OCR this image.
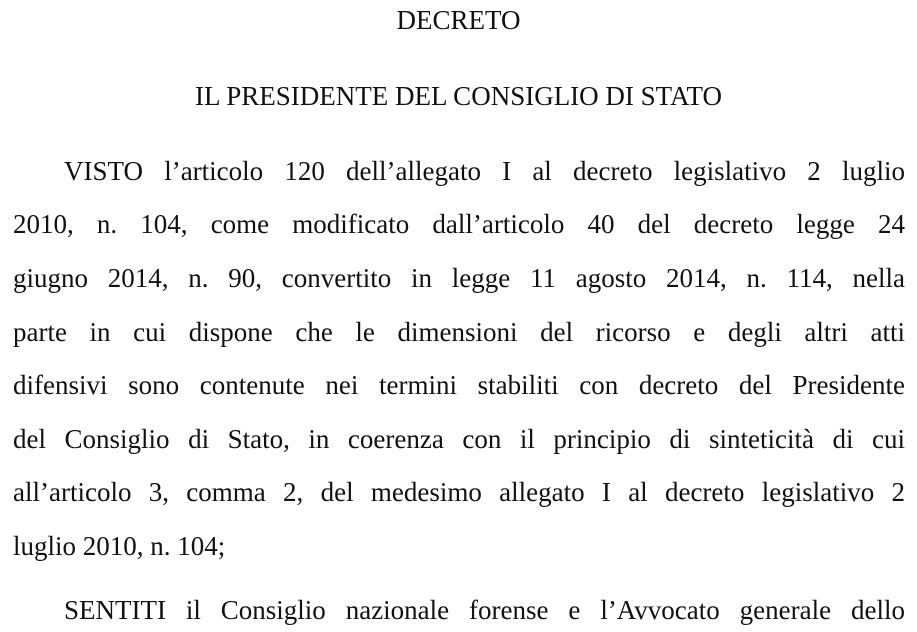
DECRETO
IL PRESIDENTE DEL CONSIGLIO DI STATO
VISTO l’articolo 120 dell’allegato I al decreto legislativo 2 luglio
2010, n. 104, come modificato dall’articolo 40 del decreto legge 24
giugno 2014, n. 90, convertito in legge 11 agosto 2014, n. 114, nella
parte in cui dispone che le dimensioni del ricorso e degli altri atti
difensivi sono contenute nei termini stabiliti con decreto del Presidente
del Consiglio di Stato, in coerenza con il principio di sinteticità di cui
all’articolo 3, comma 2, del medesimo allegato I al decreto legislativo 2
luglio 2010, n. 104;
SENTITI il Consiglio nazionale forense e l’Avvocato generale dello
